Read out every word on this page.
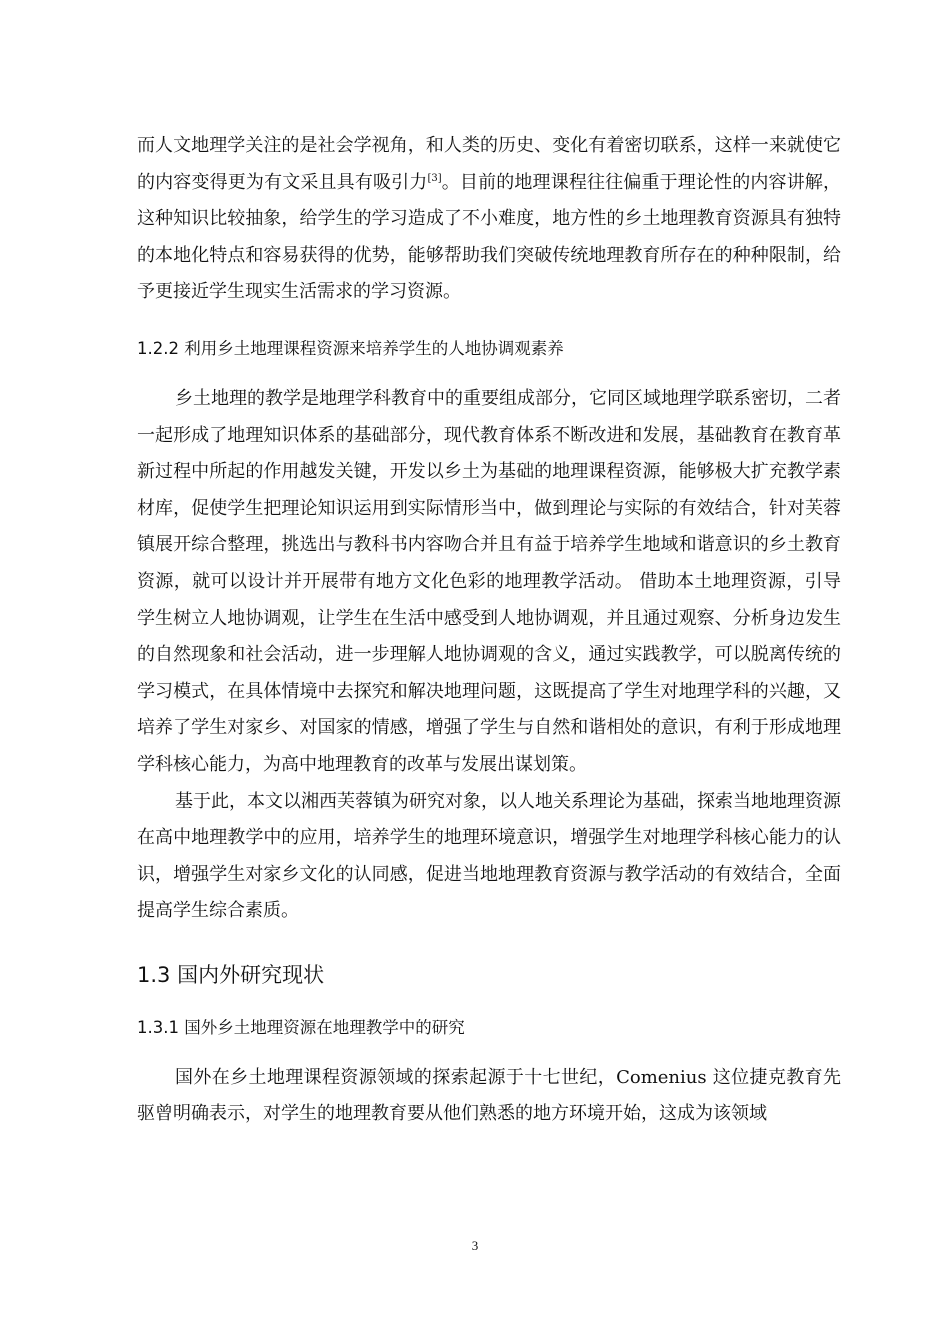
而人文地理学关注的是社会学视角，和人类的历史、变化有着密切联系，这样一来就使它的内容变得更为有文采且具有吸引力[3]。目前的地理课程往往偏重于理论性的内容讲解，这种知识比较抽象，给学生的学习造成了不小难度，地方性的乡土地理教育资源具有独特的本地化特点和容易获得的优势，能够帮助我们突破传统地理教育所存在的种种限制，给予更接近学生现实生活需求的学习资源。

1.2.2 利用乡土地理课程资源来培养学生的人地协调观素养

乡土地理的教学是地理学科教育中的重要组成部分，它同区域地理学联系密切，二者一起形成了地理知识体系的基础部分，现代教育体系不断改进和发展，基础教育在教育革新过程中所起的作用越发关键，开发以乡土为基础的地理课程资源，能够极大扩充教学素材库，促使学生把理论知识运用到实际情形当中，做到理论与实际的有效结合，针对芙蓉镇展开综合整理，挑选出与教科书内容吻合并且有益于培养学生地域和谐意识的乡土教育资源，就可以设计并开展带有地方文化色彩的地理教学活动。 借助本土地理资源，引导学生树立人地协调观，让学生在生活中感受到人地协调观，并且通过观察、分析身边发生的自然现象和社会活动，进一步理解人地协调观的含义，通过实践教学，可以脱离传统的学习模式，在具体情境中去探究和解决地理问题，这既提高了学生对地理学科的兴趣，又培养了学生对家乡、对国家的情感，增强了学生与自然和谐相处的意识，有利于形成地理学科核心能力，为高中地理教育的改革与发展出谋划策。

基于此，本文以湘西芙蓉镇为研究对象，以人地关系理论为基础，探索当地地理资源在高中地理教学中的应用，培养学生的地理环境意识，增强学生对地理学科核心能力的认识，增强学生对家乡文化的认同感，促进当地地理教育资源与教学活动的有效结合，全面提高学生综合素质。

1.3 国内外研究现状
1.3.1 国外乡土地理资源在地理教学中的研究

国外在乡土地理课程资源领域的探索起源于十七世纪，Comenius 这位捷克教育先驱曾明确表示，对学生的地理教育要从他们熟悉的地方环境开始，这成为该领域

3
